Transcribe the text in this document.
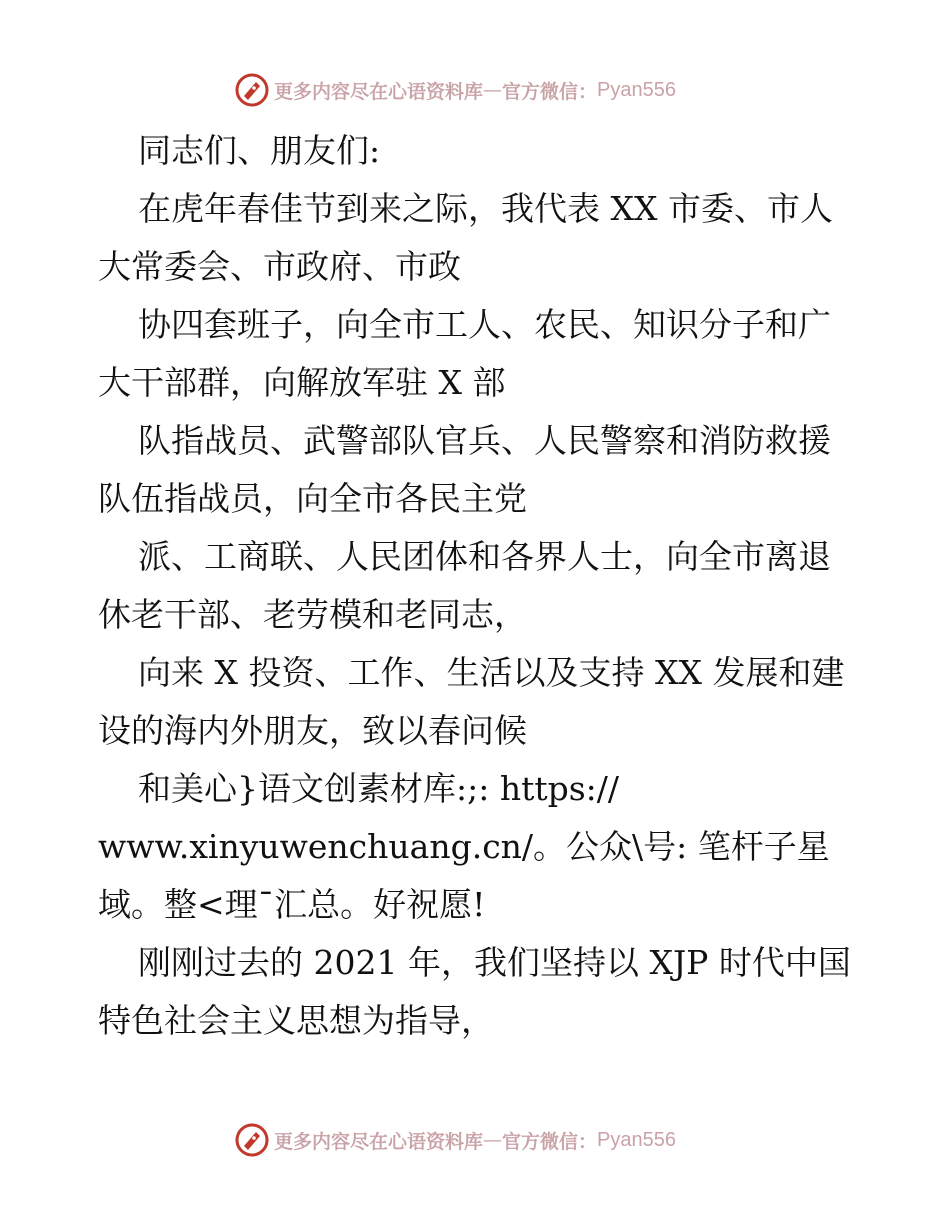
更多内容尽在心语资料库 — 官方微信： Pyan556

同志们、朋友们:

在虎年春佳节到来之际，我代表 XX 市委、市人大常委会、市政府、市政

协四套班子，向全市工人、农民、知识分子和广大干部群，向解放军驻 X 部

队指战员、武警部队官兵、人民警察和消防救援队伍指战员，向全市各民主党

派、工商联、人民团体和各界人士，向全市离退休老干部、老劳模和老同志，

向来 X 投资、工作、生活以及支持 XX 发展和建设的海内外朋友，致以春问候

和美心}语文创素材库:;: https://

www.xinyuwenchuang.cn/。公众\号: 笔杆子星域。整<理¯汇总。好祝愿!

刚刚过去的 2021 年，我们坚持以 XJP 时代中国特色社会主义思想为指导，

更多内容尽在心语资料库 — 官方微信： Pyan556
